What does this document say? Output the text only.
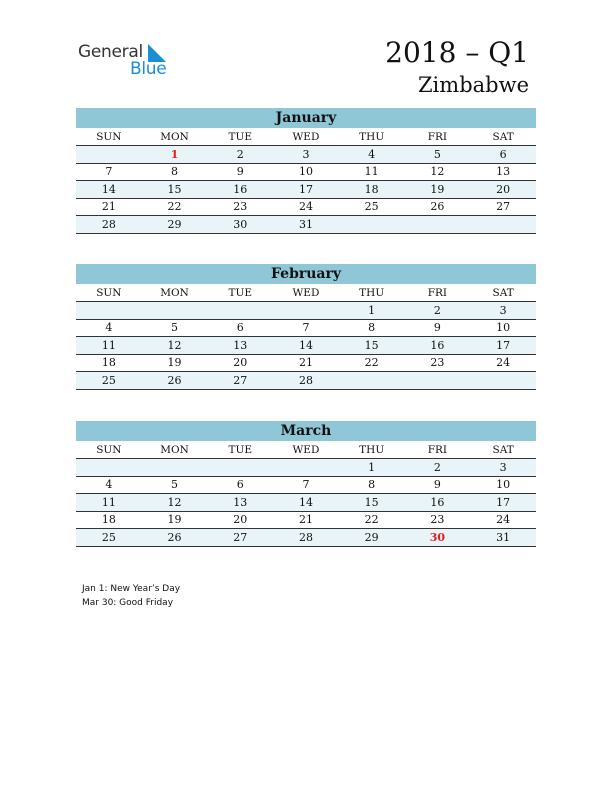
General
Blue	2018 – Q1
Zimbabwe
January
SUN	MON	TUE	WED	THU	FRI	SAT
	1	2	3	4	5	6
7	8	9	10	11	12	13
14	15	16	17	18	19	20
21	22	23	24	25	26	27
28	29	30	31			
February
SUN	MON	TUE	WED	THU	FRI	SAT
				1	2	3
4	5	6	7	8	9	10
11	12	13	14	15	16	17
18	19	20	21	22	23	24
25	26	27	28			
March
SUN	MON	TUE	WED	THU	FRI	SAT
				1	2	3
4	5	6	7	8	9	10
11	12	13	14	15	16	17
18	19	20	21	22	23	24
25	26	27	28	29	30	31
Jan 1: New Year’s Day
Mar 30: Good Friday
